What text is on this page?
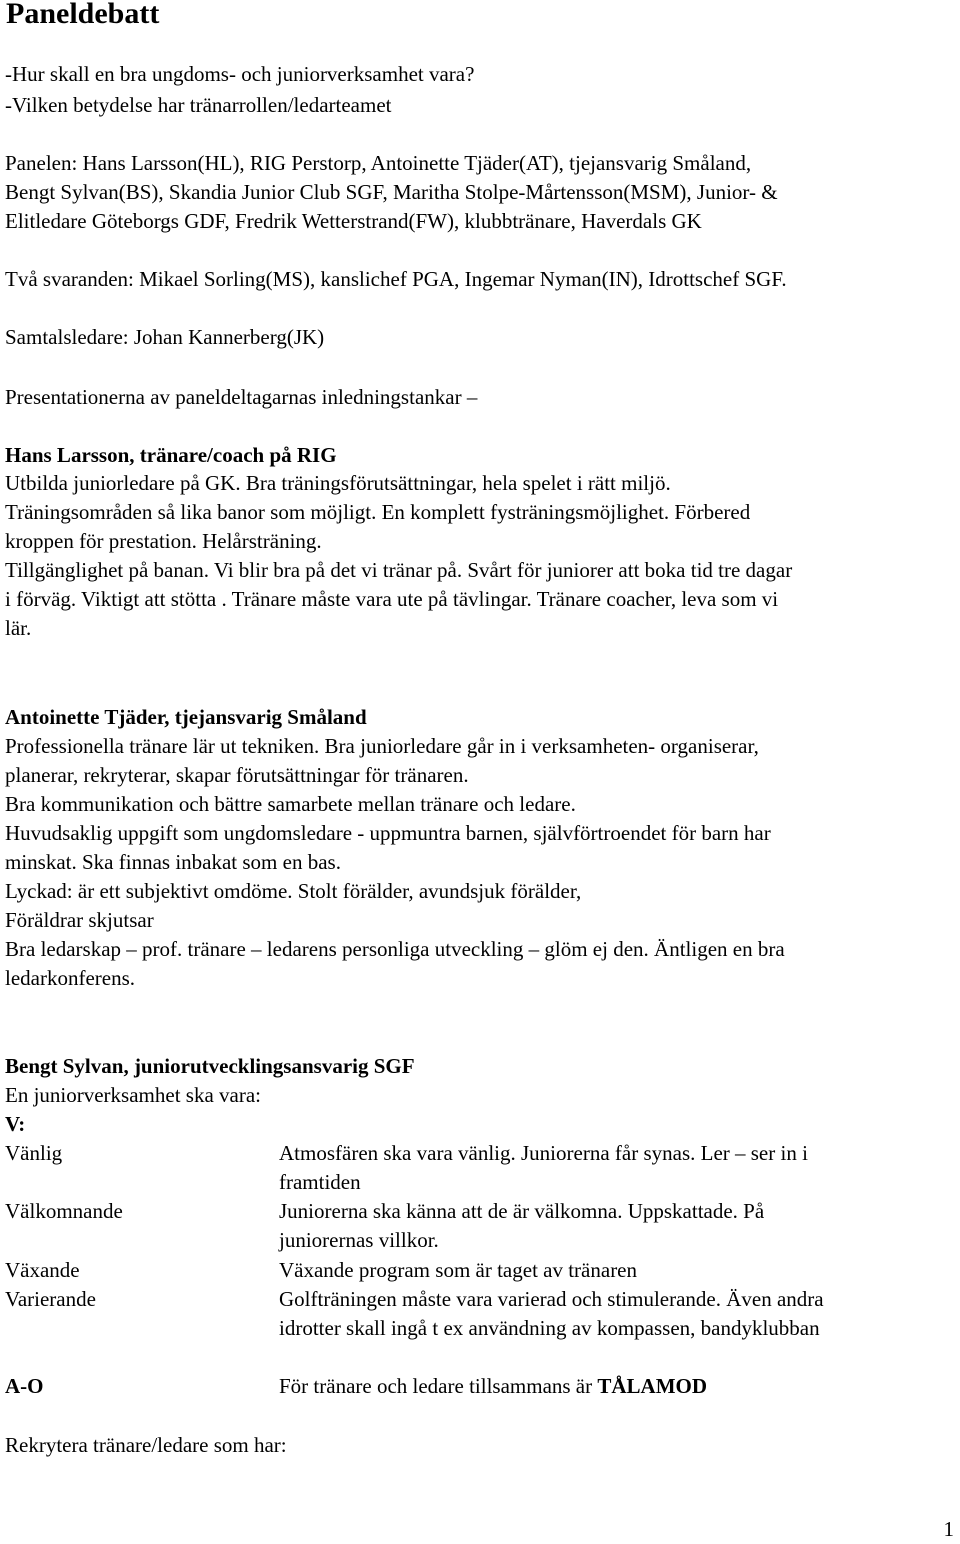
Paneldebatt

-Hur skall en bra ungdoms- och juniorverksamhet vara?

-Vilken betydelse har tränarrollen/ledarteamet

Panelen: Hans Larsson(HL), RIG Perstorp, Antoinette Tjäder(AT), tjejansvarig Småland,

Bengt Sylvan(BS), Skandia Junior Club SGF, Maritha Stolpe-Mårtensson(MSM), Junior- &

Elitledare Göteborgs GDF, Fredrik Wetterstrand(FW), klubbtränare, Haverdals GK

Två svaranden: Mikael Sorling(MS), kanslichef PGA, Ingemar Nyman(IN), Idrottschef SGF.

Samtalsledare: Johan Kannerberg(JK)

Presentationerna av paneldeltagarnas inledningstankar –

Hans Larsson, tränare/coach på RIG

Utbilda juniorledare på GK. Bra träningsförutsättningar, hela spelet i rätt miljö.

Träningsområden så lika banor som möjligt. En komplett fysträningsmöjlighet. Förbered

kroppen för prestation. Helårsträning.

Tillgänglighet på banan. Vi blir bra på det vi tränar på. Svårt för juniorer att boka tid tre dagar

i förväg. Viktigt att stötta . Tränare måste vara ute på tävlingar. Tränare coacher, leva som vi

lär.

Antoinette Tjäder, tjejansvarig Småland

Professionella tränare lär ut tekniken. Bra juniorledare går in i verksamheten- organiserar,

planerar, rekryterar, skapar förutsättningar för tränaren.

Bra kommunikation och bättre samarbete mellan tränare och ledare.

Huvudsaklig uppgift som ungdomsledare - uppmuntra barnen, självförtroendet för barn har

minskat. Ska finnas inbakat som en bas.

Lyckad: är ett subjektivt omdöme. Stolt förälder, avundsjuk förälder,

Föräldrar skjutsar

Bra ledarskap – prof. tränare – ledarens personliga utveckling – glöm ej den. Äntligen en bra

ledarkonferens.

Bengt Sylvan, juniorutvecklingsansvarig SGF

En juniorverksamhet ska vara:

V:

Vänlig	Atmosfären ska vara vänlig. Juniorerna får synas. Ler – ser in i
framtiden
Välkomnande	Juniorerna ska känna att de är välkomna. Uppskattade. På
juniorernas villkor.
Växande	Växande program som är taget av tränaren
Varierande	Golfträningen måste vara varierad och stimulerande. Även andra
idrotter skall ingå t ex användning av kompassen, bandyklubban
A-O	För tränare och ledare tillsammans är TÅLAMOD

Rekrytera tränare/ledare som har:

1
